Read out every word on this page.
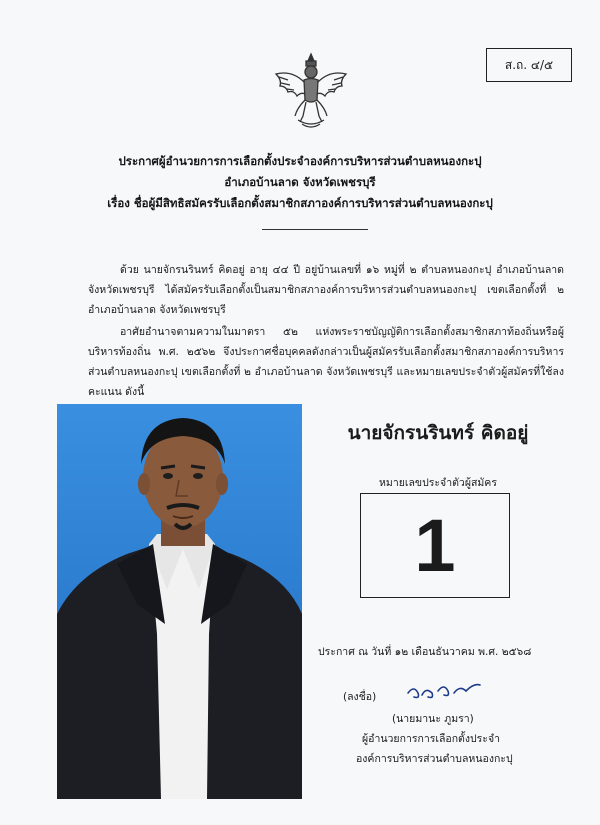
ส.ถ. ๔/๕
ประกาศผู้อำนวยการการเลือกตั้งประจำองค์การบริหารส่วนตำบลหนองกะปุ
อำเภอบ้านลาด จังหวัดเพชรบุรี
เรื่อง ชื่อผู้มีสิทธิสมัครรับเลือกตั้งสมาชิกสภาองค์การบริหารส่วนตำบลหนองกะปุ
ด้วย นายจักรนรินทร์ คิดอยู่ อายุ ๔๔ ปี อยู่บ้านเลขที่ ๑๖ หมู่ที่ ๒ ตำบลหนองกะปุ อำเภอบ้านลาด จังหวัดเพชรบุรี ได้สมัครรับเลือกตั้งเป็นสมาชิกสภาองค์การบริหารส่วนตำบลหนองกะปุ เขตเลือกตั้งที่ ๒ อำเภอบ้านลาด จังหวัดเพชรบุรี
อาศัยอำนาจตามความในมาตรา ๕๒ แห่งพระราชบัญญัติการเลือกตั้งสมาชิกสภาท้องถิ่นหรือผู้บริหารท้องถิ่น พ.ศ. ๒๕๖๒ จึงประกาศชื่อบุคคลดังกล่าวเป็นผู้สมัครรับเลือกตั้งสมาชิกสภาองค์การบริหารส่วนตำบลหนองกะปุ เขตเลือกตั้งที่ ๒ อำเภอบ้านลาด จังหวัดเพชรบุรี และหมายเลขประจำตัวผู้สมัครที่ใช้ลงคะแนน ดังนี้
นายจักรนรินทร์ คิดอยู่
หมายเลขประจำตัวผู้สมัคร
1
ประกาศ ณ วันที่ ๑๒ เดือนธันวาคม พ.ศ. ๒๕๖๘
(ลงชื่อ)
(นายมานะ ภูมรา)
ผู้อำนวยการการเลือกตั้งประจำ
องค์การบริหารส่วนตำบลหนองกะปุ
